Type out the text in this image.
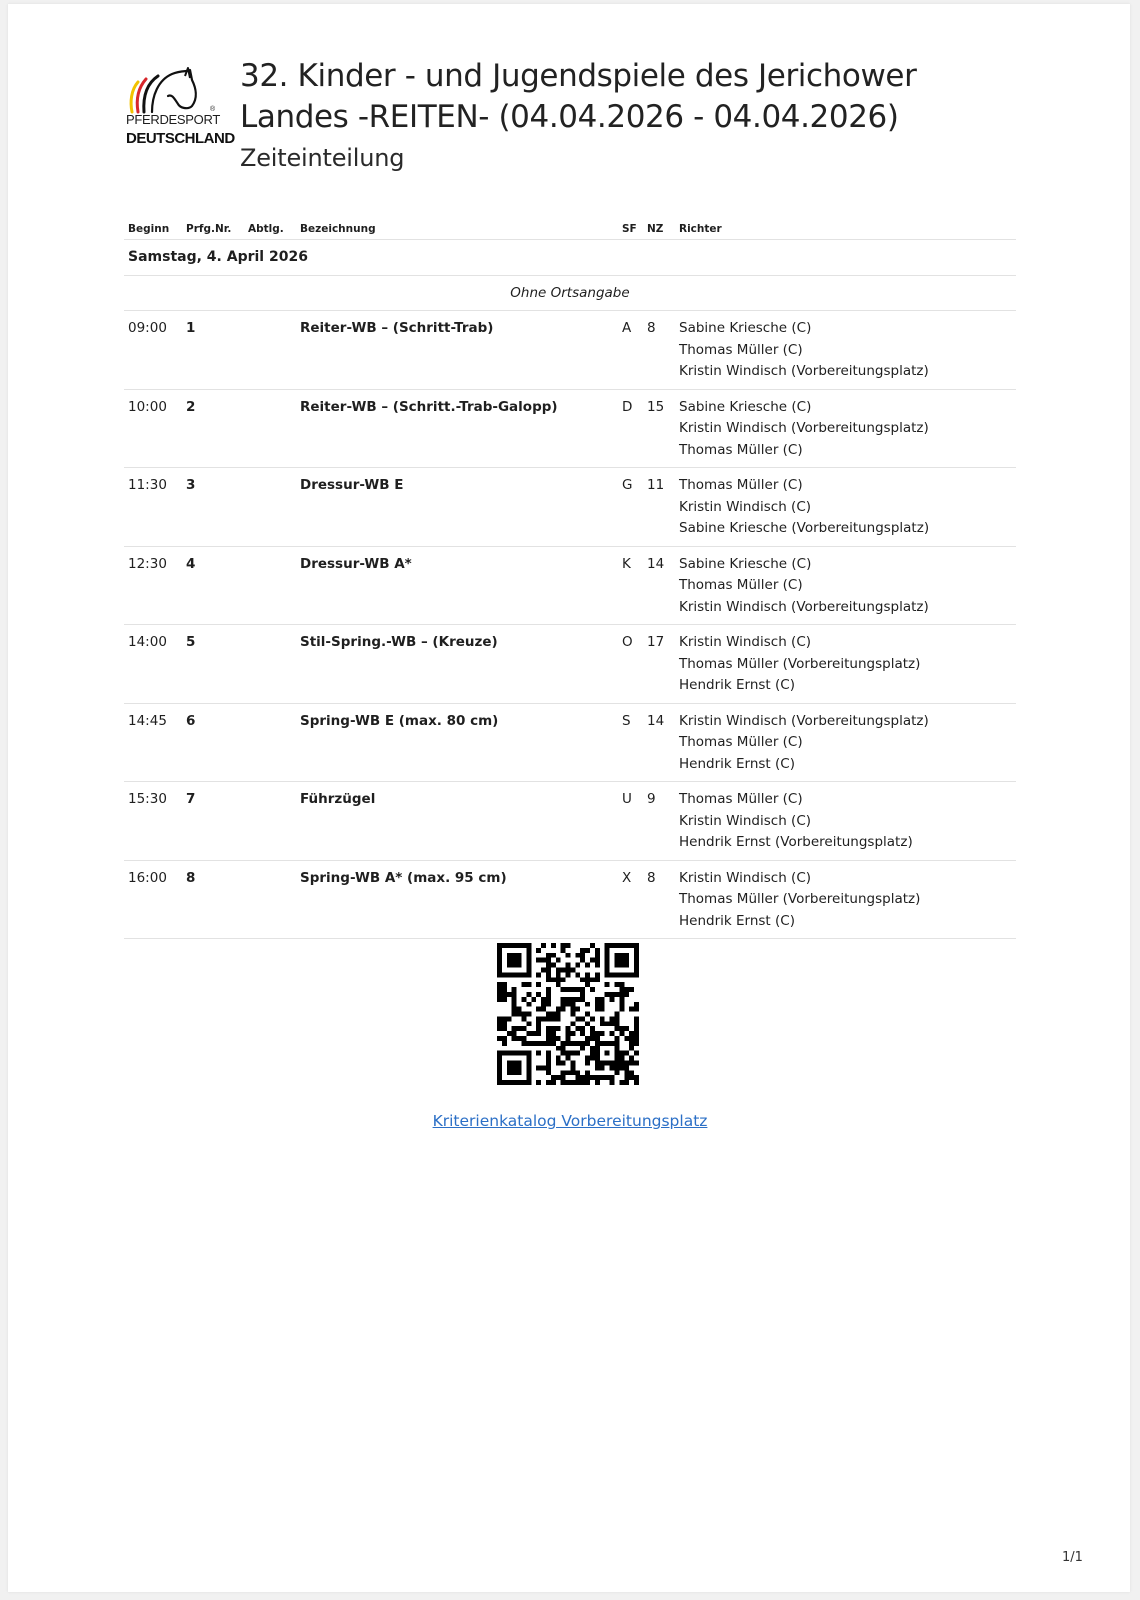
PFERDESPORT
®
DEUTSCHLAND
32. Kinder - und Jugendspiele des Jerichower Landes -REITEN- (04.04.2026 - 04.04.2026)
Zeiteinteilung
Beginn	Prfg.Nr.	Abtlg.	Bezeichnung	SF	NZ	Richter
Samstag, 4. April 2026						
Ohne Ortsangabe						
09:00	1		Reiter-WB – (Schritt-Trab)	A	8	Sabine Kriesche (C)
Thomas Müller (C)
Kristin Windisch (Vorbereitungsplatz)

10:00	2		Reiter-WB – (Schritt.-Trab-Galopp)	D	15	Sabine Kriesche (C)
Kristin Windisch (Vorbereitungsplatz)
Thomas Müller (C)

11:30	3		Dressur-WB E	G	11	Thomas Müller (C)
Kristin Windisch (C)
Sabine Kriesche (Vorbereitungsplatz)

12:30	4		Dressur-WB A*	K	14	Sabine Kriesche (C)
Thomas Müller (C)
Kristin Windisch (Vorbereitungsplatz)

14:00	5		Stil-Spring.-WB – (Kreuze)	O	17	Kristin Windisch (C)
Thomas Müller (Vorbereitungsplatz)
Hendrik Ernst (C)

14:45	6		Spring-WB E (max. 80 cm)	S	14	Kristin Windisch (Vorbereitungsplatz)
Thomas Müller (C)
Hendrik Ernst (C)

15:30	7		Führzügel	U	9	Thomas Müller (C)
Kristin Windisch (C)
Hendrik Ernst (Vorbereitungsplatz)

16:00	8		Spring-WB A* (max. 95 cm)	X	8	Kristin Windisch (C)
Thomas Müller (Vorbereitungsplatz)
Hendrik Ernst (C)
Kriterienkatalog Vorbereitungsplatz
1/1
